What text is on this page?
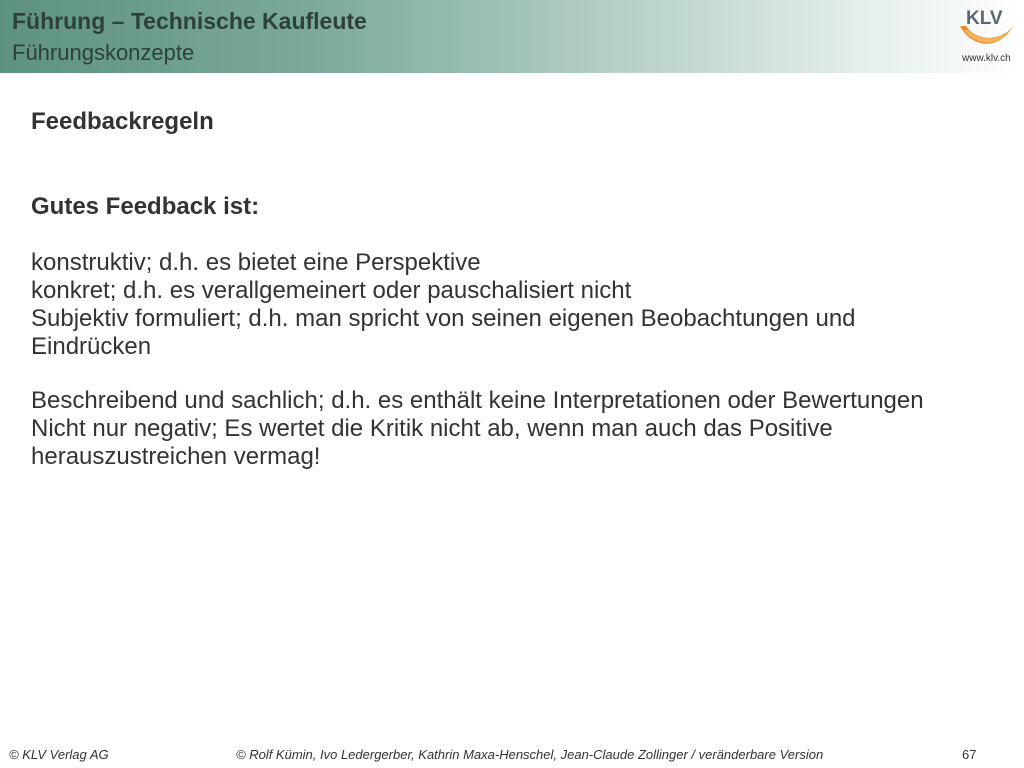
Führung – Technische Kaufleute
Führungskonzepte
KLV
www.klv.ch
Feedbackregeln
Gutes Feedback ist:
konstruktiv; d.h. es bietet eine Perspektive
konkret; d.h. es verallgemeinert oder pauschalisiert nicht
Subjektiv formuliert; d.h. man spricht von seinen eigenen Beobachtungen und
Eindrücken
Beschreibend und sachlich; d.h. es enthält keine Interpretationen oder Bewertungen
Nicht nur negativ; Es wertet die Kritik nicht ab, wenn man auch das Positive
herauszustreichen vermag!
© KLV Verlag AG	© Rolf Kümin, Ivo Ledergerber, Kathrin Maxa-Henschel, Jean-Claude Zollinger / veränderbare Version	67
